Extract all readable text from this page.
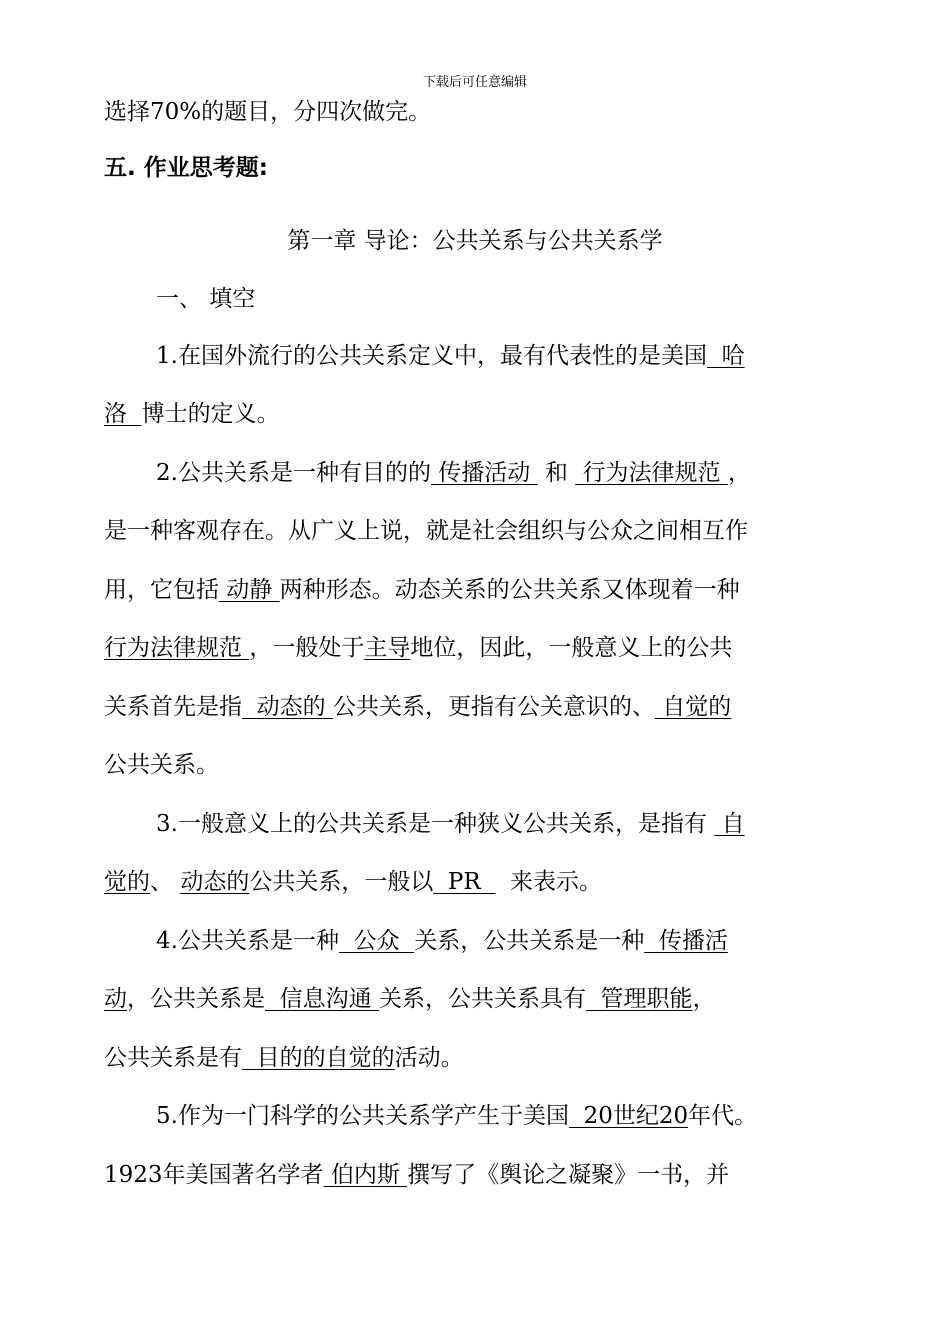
下载后可任意编辑
选择70%的题目，分四次做完。
五. 作业思考题:
第一章 导论：公共关系与公共关系学
一、 填空
1.在国外流行的公共关系定义中，最有代表性的是美国  哈
洛  博士的定义。
2.公共关系是一种有目的的 传播活动  和  行为法律规范 ，
是一种客观存在。从广义上说，就是社会组织与公众之间相互作
用，它包括 动静 两种形态。动态关系的公共关系又体现着一种
行为法律规范 ，一般处于主导地位，因此，一般意义上的公共
关系首先是指  动态的 公共关系，更指有公关意识的、 自觉的
公共关系。
3.一般意义上的公共关系是一种狭义公共关系，是指有  自
觉的、 动态的公共关系，一般以  PR    来表示。
4.公共关系是一种  公众  关系，公共关系是一种  传播活
动，公共关系是  信息沟通 关系，公共关系具有  管理职能，
公共关系是有  目的的自觉的活动。
5.作为一门科学的公共关系学产生于美国  20世纪20年代。
1923年美国著名学者 伯内斯 撰写了《舆论之凝聚》一书，并
